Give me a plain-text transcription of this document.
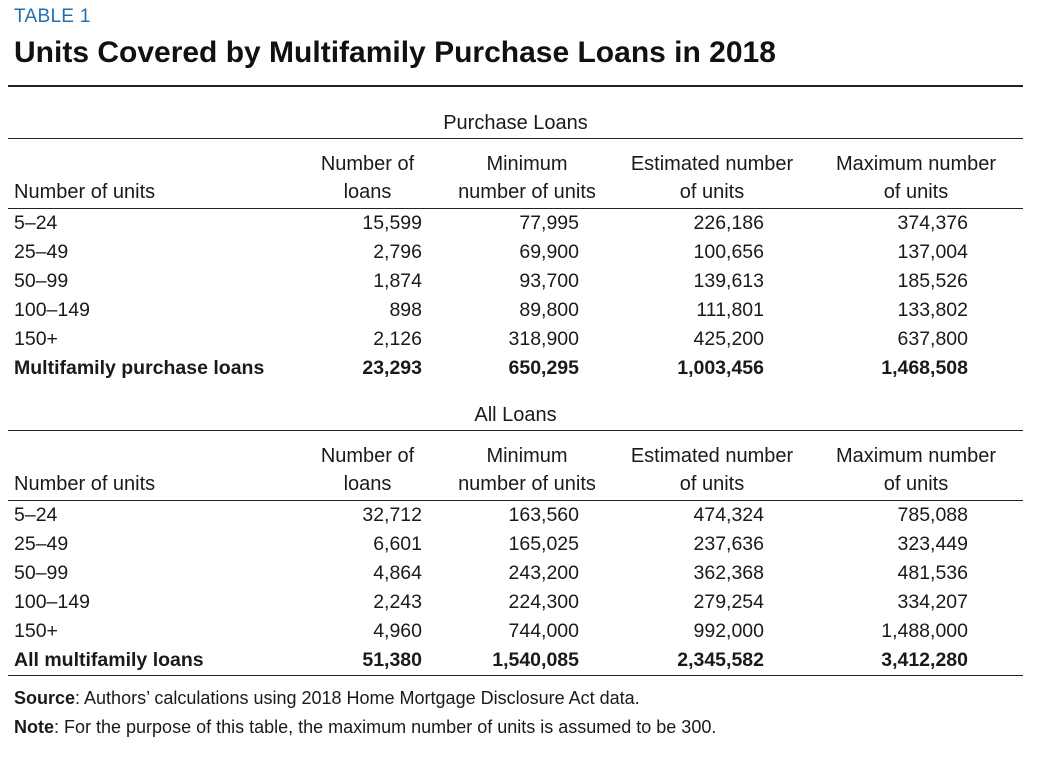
TABLE 1
Units Covered by Multifamily Purchase Loans in 2018
Purchase Loans
Number of units
Number of
loans
Minimum
number of units
Estimated number
of units
Maximum number
of units
5–24	15,599	77,995	226,186	374,376
25–49	2,796	69,900	100,656	137,004
50–99	1,874	93,700	139,613	185,526
100–149	898	89,800	111,801	133,802
150+	2,126	318,900	425,200	637,800
Multifamily purchase loans	23,293	650,295	1,003,456	1,468,508
All Loans
Number of units
Number of
loans
Minimum
number of units
Estimated number
of units
Maximum number
of units
5–24	32,712	163,560	474,324	785,088
25–49	6,601	165,025	237,636	323,449
50–99	4,864	243,200	362,368	481,536
100–149	2,243	224,300	279,254	334,207
150+	4,960	744,000	992,000	1,488,000
All multifamily loans	51,380	1,540,085	2,345,582	3,412,280
Source: Authors’ calculations using 2018 Home Mortgage Disclosure Act data.
Note: For the purpose of this table, the maximum number of units is assumed to be 300.
